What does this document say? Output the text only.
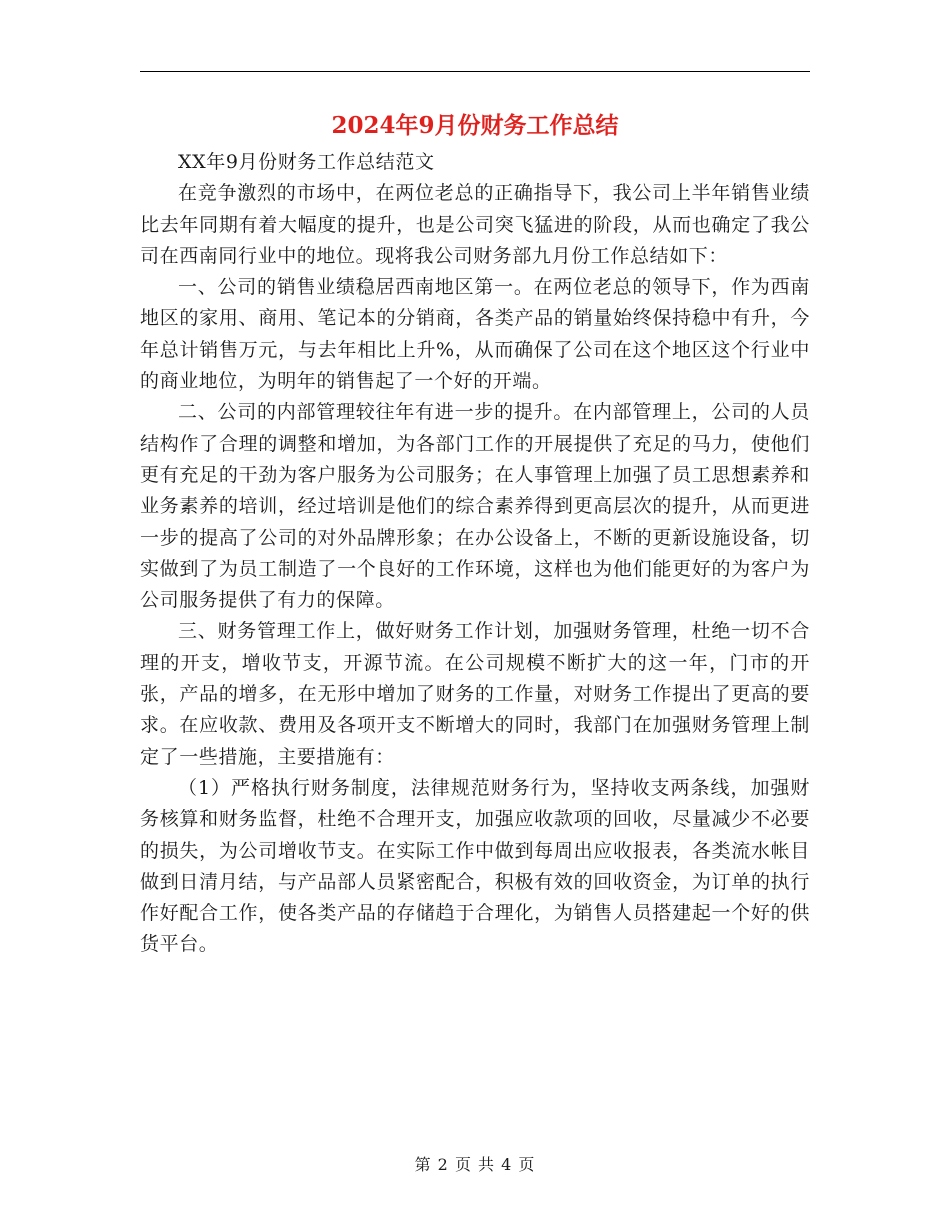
2024年9月份财务工作总结

XX年9月份财务工作总结范文

在竞争激烈的市场中，在两位老总的正确指导下，我公司上半年销售业绩比去年同期有着大幅度的提升，也是公司突飞猛进的阶段，从而也确定了我公司在西南同行业中的地位。现将我公司财务部九月份工作总结如下：

一、公司的销售业绩稳居西南地区第一。在两位老总的领导下，作为西南地区的家用、商用、笔记本的分销商，各类产品的销量始终保持稳中有升，今年总计销售万元，与去年相比上升%，从而确保了公司在这个地区这个行业中的商业地位，为明年的销售起了一个好的开端。

二、公司的内部管理较往年有进一步的提升。在内部管理上，公司的人员结构作了合理的调整和增加，为各部门工作的开展提供了充足的马力，使他们更有充足的干劲为客户服务为公司服务；在人事管理上加强了员工思想素养和业务素养的培训，经过培训是他们的综合素养得到更高层次的提升，从而更进一步的提高了公司的对外品牌形象；在办公设备上，不断的更新设施设备，切实做到了为员工制造了一个良好的工作环境，这样也为他们能更好的为客户为公司服务提供了有力的保障。

三、财务管理工作上，做好财务工作计划，加强财务管理，杜绝一切不合理的开支，增收节支，开源节流。在公司规模不断扩大的这一年，门市的开张，产品的增多，在无形中增加了财务的工作量，对财务工作提出了更高的要求。在应收款、费用及各项开支不断增大的同时，我部门在加强财务管理上制定了一些措施，主要措施有：

（1）严格执行财务制度，法律规范财务行为，坚持收支两条线，加强财务核算和财务监督，杜绝不合理开支，加强应收款项的回收，尽量减少不必要的损失，为公司增收节支。在实际工作中做到每周出应收报表，各类流水帐目做到日清月结，与产品部人员紧密配合，积极有效的回收资金，为订单的执行作好配合工作，使各类产品的存储趋于合理化，为销售人员搭建起一个好的供货平台。

第 2 页 共 4 页
